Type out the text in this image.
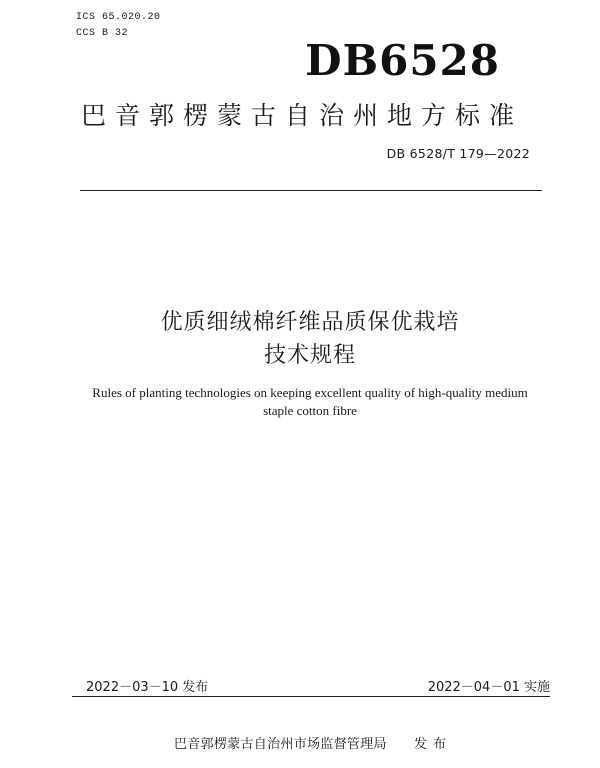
ICS 65.020.20
CCS B 32
DB6528
巴音郭楞蒙古自治州地方标准
DB 6528/T 179—2022
优质细绒棉纤维品质保优栽培
技术规程
Rules of planting technologies on keeping excellent quality of high-quality medium
staple cotton fibre
2022－03－10 发布	2022－04－01 实施
巴音郭楞蒙古自治州市场监督管理局 发布
